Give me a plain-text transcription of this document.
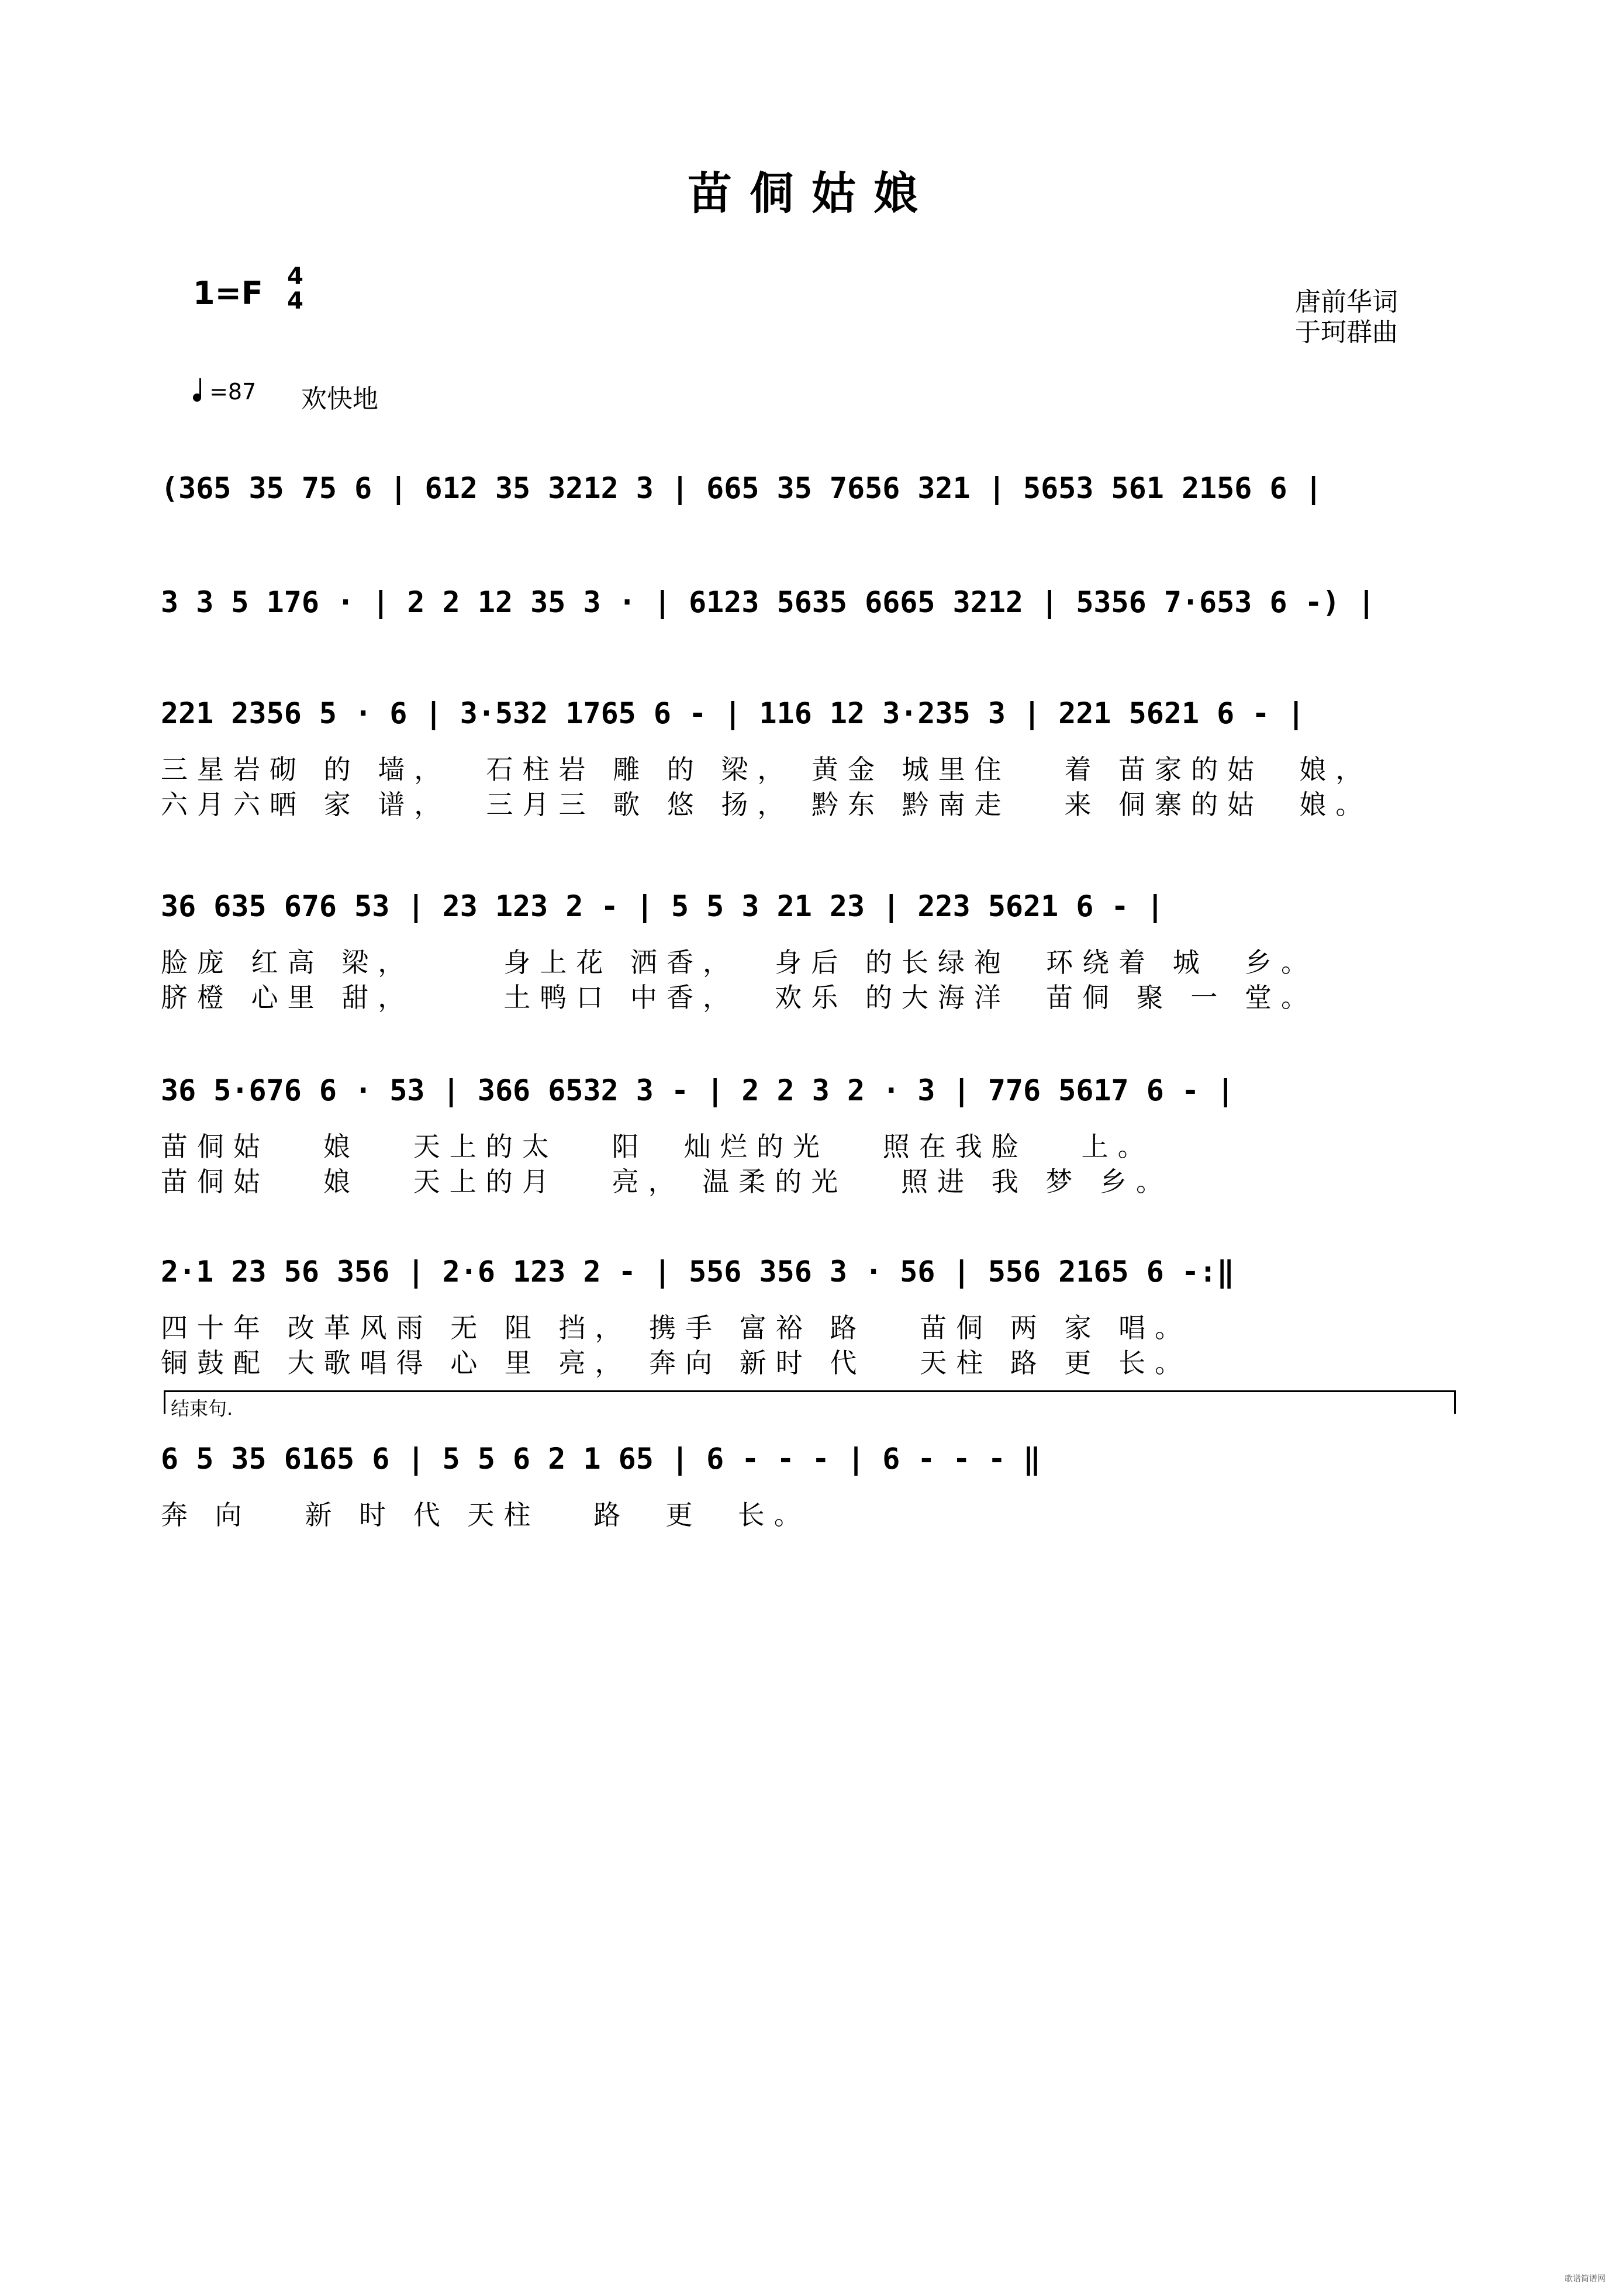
苗侗姑娘
1=F 4
4	唐前华词
于珂群曲
=87 欢快地
(365 35 75 6 | 612 35 3212 3 | 665 35 7656 321 | 5653 561 2156 6 |
3 3 5 176 · | 2 2 12 35 3 · | 6123 5635 6665 3212 | 5356 7·653 6 -) |
221 2356 5 · 6 | 3·532 1765 6 - | 116 12 3·235 3 | 221 5621 6 - |
三星岩砌 的 墙，  石柱岩 雕 的 梁， 黄金 城里住   着 苗家的姑  娘，
六月六晒 家 谱，  三月三 歌 悠 扬， 黔东 黔南走   来 侗寨的姑  娘。
36 635 676 53 | 23 123 2 - | 5 5 3 21 23 | 223 5621 6 - |
脸庞 红高 梁，     身上花 洒香，  身后 的长绿袍  环绕着 城  乡。
脐橙 心里 甜，     土鸭口 中香，  欢乐 的大海洋  苗侗 聚 一 堂。
36 5·676 6 · 53 | 366 6532 3 - | 2 2 3 2 · 3 | 776 5617 6 - |
苗侗姑   娘   天上的太   阳  灿烂的光   照在我脸   上。
苗侗姑   娘   天上的月   亮， 温柔的光   照进 我 梦 乡。
2·1 23 56 356 | 2·6 123 2 - | 556 356 3 · 56 | 556 2165 6 -:‖
四十年 改革风雨 无 阻 挡， 携手 富裕 路   苗侗 两 家 唱。
铜鼓配 大歌唱得 心 里 亮， 奔向 新时 代   天柱 路 更 长。
结束句.
6 5 35 6165 6 | 5 5 6 2 1 65 | 6 - - - | 6 - - - ‖
奔 向   新 时 代 天柱   路  更  长。
歌谱简谱网
